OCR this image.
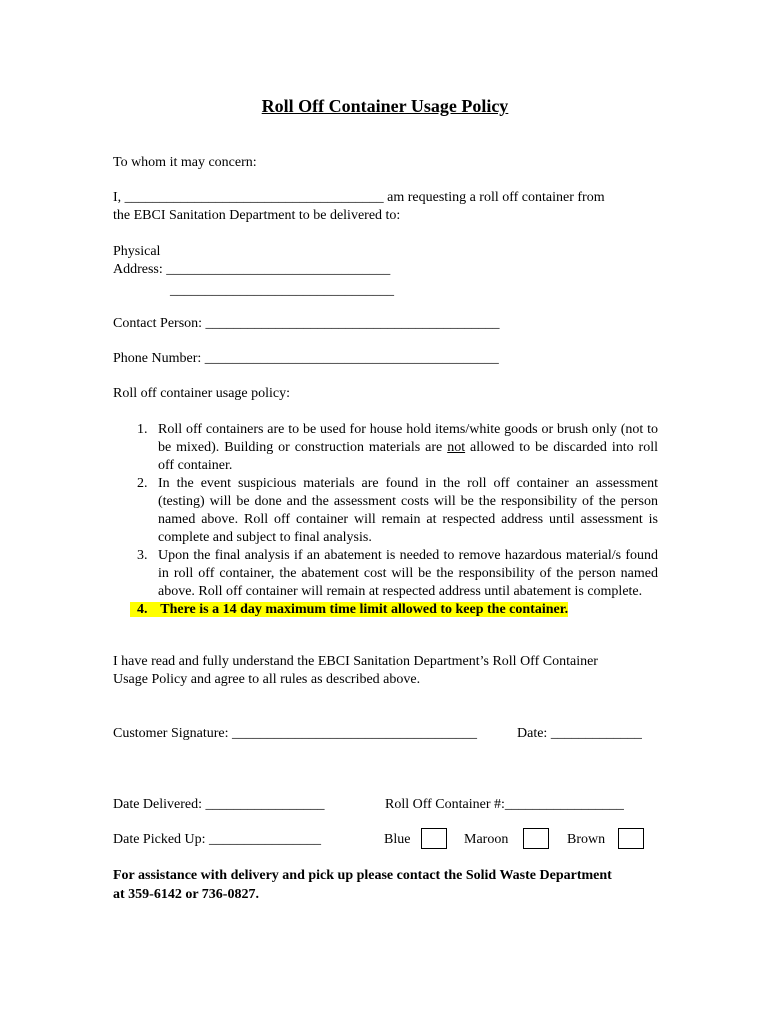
Roll Off Container Usage Policy
To whom it may concern:
I, _____________________________________ am requesting a roll off container from
the EBCI Sanitation Department to be delivered to:
Physical
Address: ________________________________
________________________________
Contact Person: __________________________________________
Phone Number: __________________________________________
Roll off container usage policy:
1. Roll off containers are to be used for house hold items/white goods or brush only (not to be mixed). Building or construction materials are not allowed to be discarded into roll off container.
2. In the event suspicious materials are found in the roll off container an assessment (testing) will be done and the assessment costs will be the responsibility of the person named above. Roll off container will remain at respected address until assessment is complete and subject to final analysis.
3. Upon the final analysis if an abatement is needed to remove hazardous material/s found in roll off container, the abatement cost will be the responsibility of the person named above. Roll off container will remain at respected address until abatement is complete.
4. There is a 14 day maximum time limit allowed to keep the container.
I have read and fully understand the EBCI Sanitation Department’s Roll Off Container
Usage Policy and agree to all rules as described above.
Customer Signature: ___________________________________	Date: _____________
Date Delivered: _________________	Roll Off Container #:_________________
Date Picked Up: ________________	Blue	Maroon	Brown
For assistance with delivery and pick up please contact the Solid Waste Department
at 359-6142 or 736-0827.
